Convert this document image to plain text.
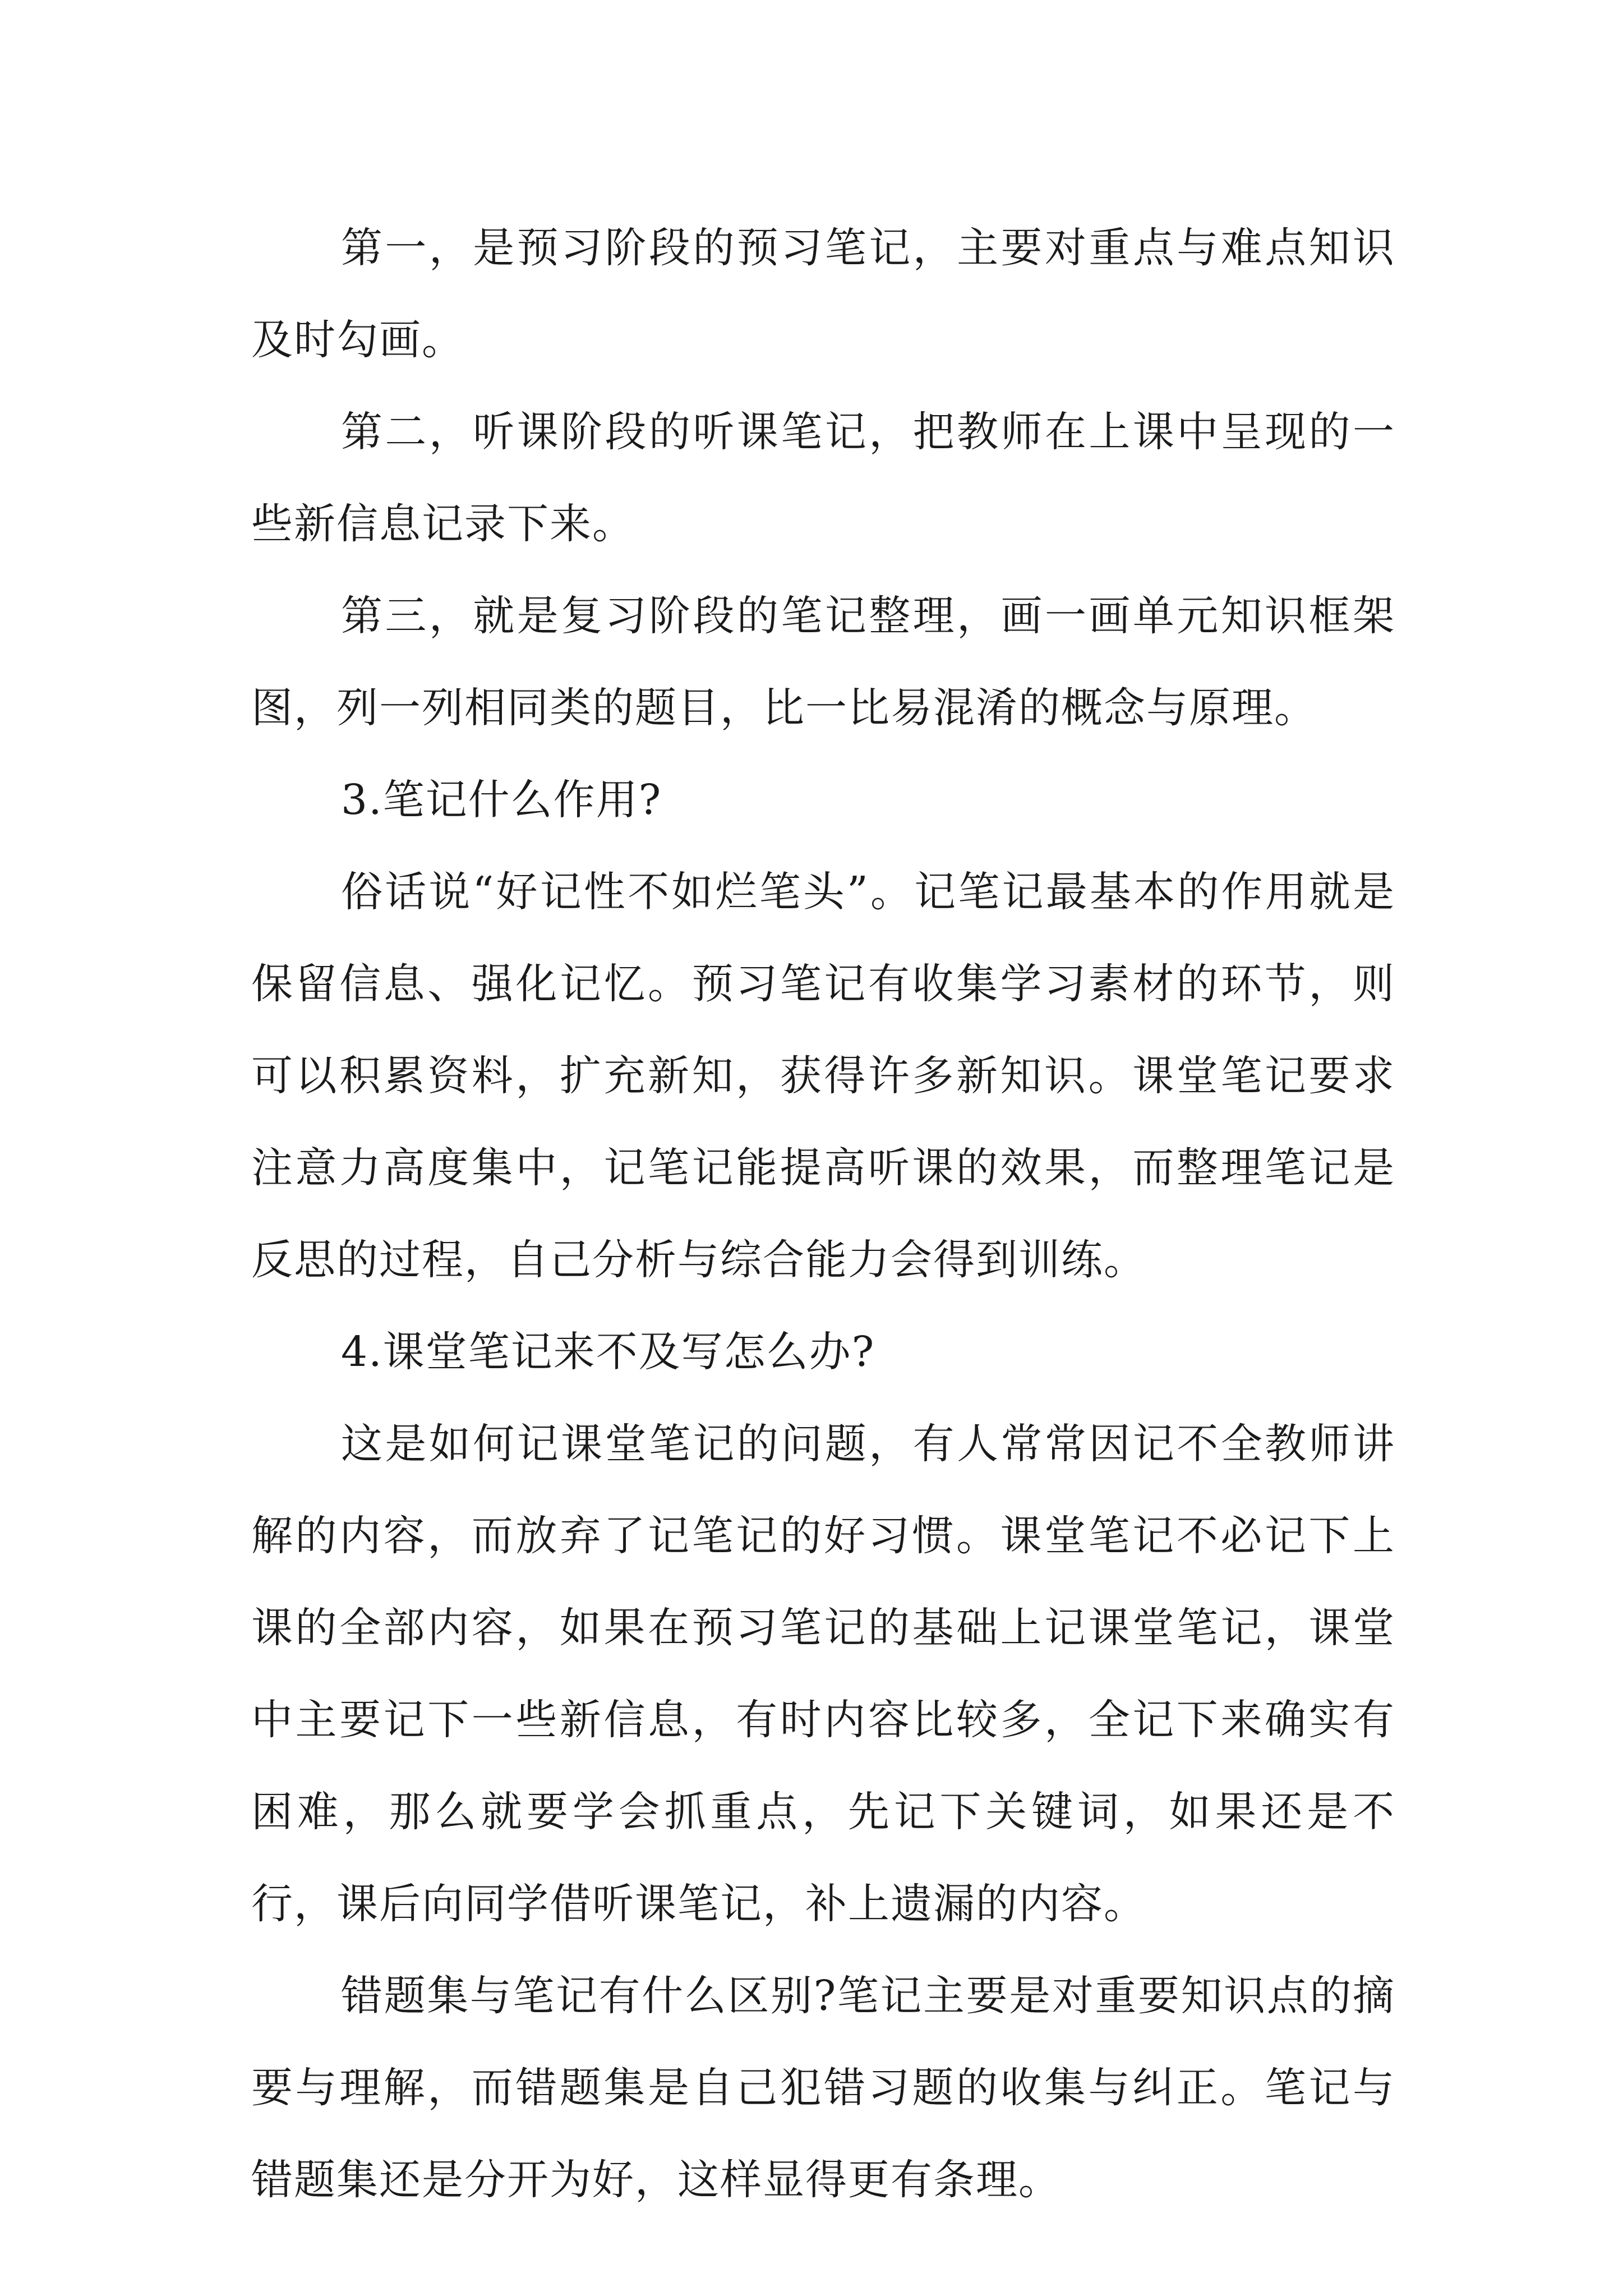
第一，是预习阶段的预习笔记，主要对重点与难点知识及时勾画。

第二，听课阶段的听课笔记，把教师在上课中呈现的一些新信息记录下来。

第三，就是复习阶段的笔记整理，画一画单元知识框架图，列一列相同类的题目，比一比易混淆的概念与原理。

3.笔记什么作用?

俗话说“好记性不如烂笔头”。记笔记最基本的作用就是保留信息、强化记忆。预习笔记有收集学习素材的环节，则可以积累资料，扩充新知，获得许多新知识。课堂笔记要求注意力高度集中，记笔记能提高听课的效果，而整理笔记是反思的过程，自己分析与综合能力会得到训练。

4.课堂笔记来不及写怎么办?

这是如何记课堂笔记的问题，有人常常因记不全教师讲解的内容，而放弃了记笔记的好习惯。课堂笔记不必记下上课的全部内容，如果在预习笔记的基础上记课堂笔记，课堂中主要记下一些新信息，有时内容比较多，全记下来确实有困难，那么就要学会抓重点，先记下关键词，如果还是不行，课后向同学借听课笔记，补上遗漏的内容。

错题集与笔记有什么区别?笔记主要是对重要知识点的摘要与理解，而错题集是自己犯错习题的收集与纠正。笔记与错题集还是分开为好，这样显得更有条理。
